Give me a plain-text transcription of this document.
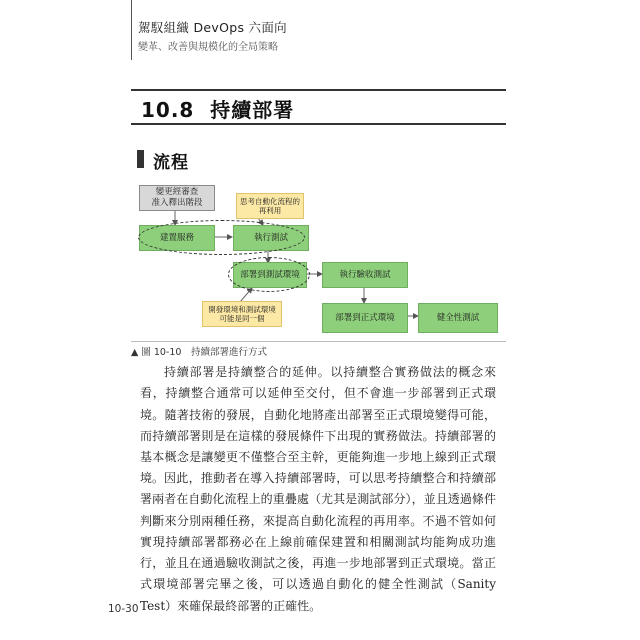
駕馭組織 DevOps 六面向
變革、改善與規模化的全局策略
10.8 持續部署
流程
變更經審查
准入釋出階段	思考自動化流程的再利用
建置服務	執行測試
部署到測試環境	執行驗收測試
開發環境和測試環境
可能是同一個	部署到正式環境	健全性測試
▲ 圖 10-10　持續部署進行方式

持續部署是持續整合的延伸。以持續整合實務做法的概念來看，持續整合通常可以延伸至交付，但不會進一步部署到正式環境。隨著技術的發展，自動化地將產出部署至正式環境變得可能，而持續部署則是在這樣的發展條件下出現的實務做法。持續部署的基本概念是讓變更不僅整合至主幹，更能夠進一步地上線到正式環境。 因此，推動者在導入持續部署時，可以思考持續整合和持續部署兩者在自動化流程上的重疊處（尤其是測試部分），並且透過條件判斷來分別兩種任務，來提高自動化流程的再用率。不過不管如何實現持續部署都務必在上線前確保建置和相關測試均能夠成功進行，並且在通過驗收測試之後，再進一步地部署到正式環境。當正式環境部署完畢之後，可以透過自動化的健全性測試（Sanity Test）來確保最終部署的正確性。

10-30
